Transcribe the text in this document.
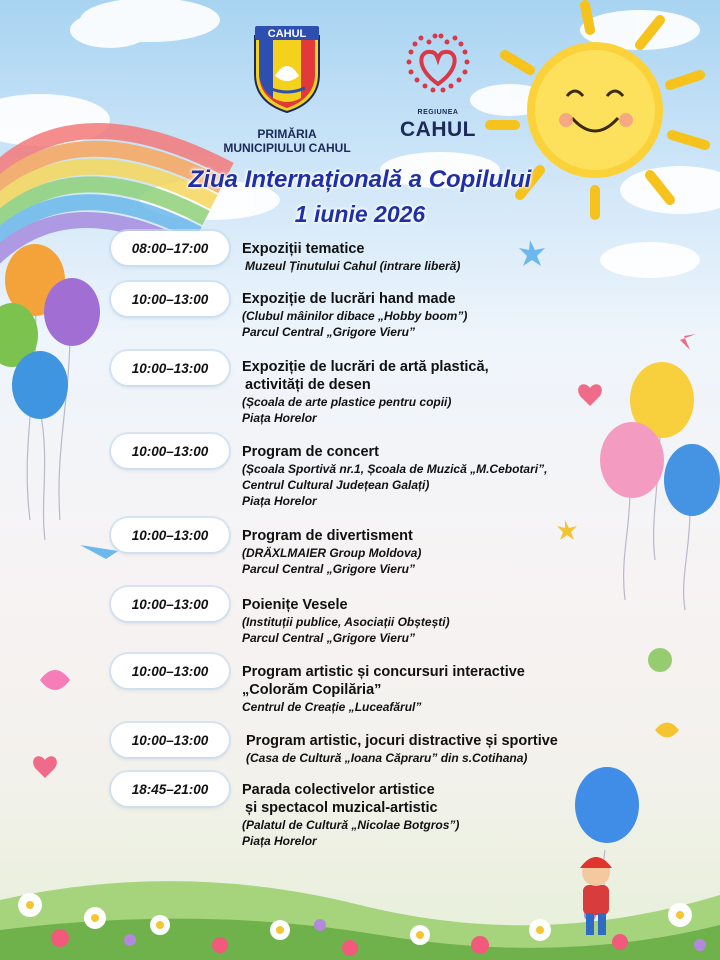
CAHUL
PRIMĂRIA
MUNICIPIULUI CAHUL
REGIUNEA
CAHUL
Ziua Internațională a Copilului
1 iunie 2026
08:00–17:00	Expoziții tematice
Muzeul Ținutului Cahul (intrare liberă)
10:00–13:00	Expoziție de lucrări hand made
(Clubul mâinilor dibace „Hobby boom”)
Parcul Central „Grigore Vieru”
10:00–13:00	Expoziție de lucrări de artă plastică,
activități de desen
(Școala de arte plastice pentru copii)
Piața Horelor
10:00–13:00	Program de concert
(Școala Sportivă nr.1, Școala de Muzică „M.Cebotari”,
Centrul Cultural Județean Galați)
Piața Horelor
10:00–13:00	Program de divertisment
(DRÄXLMAIER Group Moldova)
Parcul Central „Grigore Vieru”
10:00–13:00	Poienițe Vesele
(Instituții publice, Asociații Obștești)
Parcul Central „Grigore Vieru”
10:00–13:00	Program artistic și concursuri interactive
„Colorăm Copilăria”
Centrul de Creație „Luceafărul”
10:00–13:00	Program artistic, jocuri distractive și sportive
(Casa de Cultură „Ioana Căpraru” din s.Cotihana)
18:45–21:00	Parada colectivelor artistice
și spectacol muzical-artistic
(Palatul de Cultură „Nicolae Botgros”)
Piața Horelor
